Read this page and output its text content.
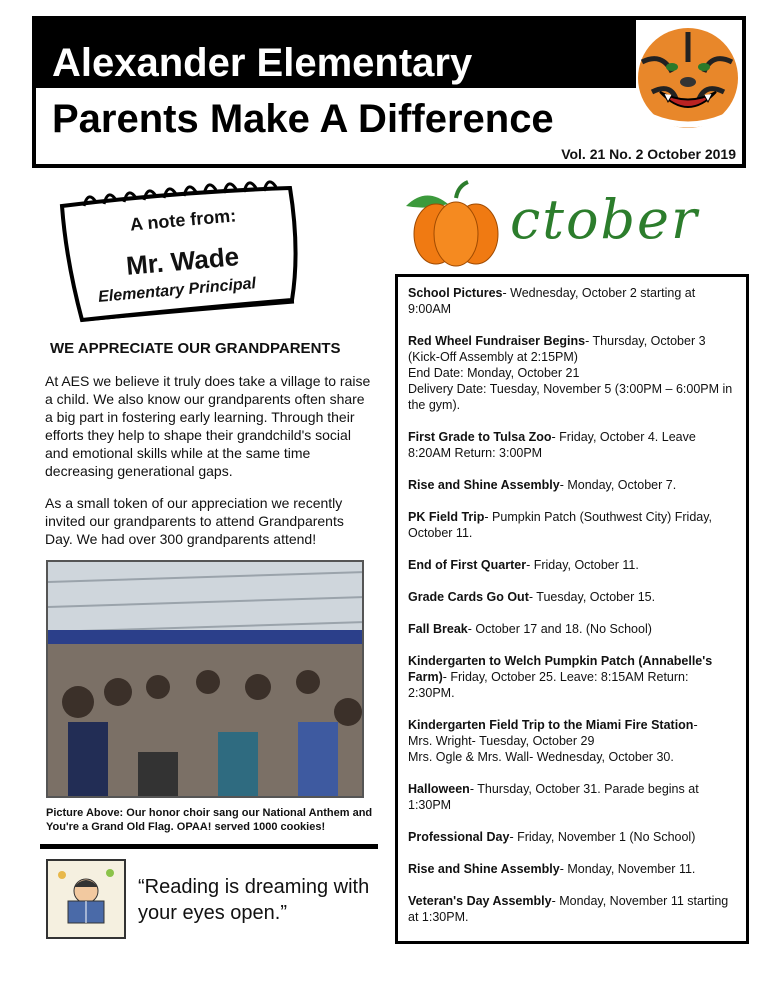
Alexander Elementary
Parents Make A Difference
Vol. 21 No. 2 October 2019
A note from:
Mr. Wade
Elementary Principal
WE APPRECIATE OUR GRANDPARENTS
At AES we believe it truly does take a village to raise a child. We also know our grandparents often share a big part in fostering early learning. Through their efforts they help to shape their grandchild's social and emotional skills while at the same time decreasing generational gaps.
As a small token of our appreciation we recently invited our grandparents to attend Grandparents Day. We had over 300 grandparents attend!
Picture Above: Our honor choir sang our National Anthem and You're a Grand Old Flag. OPAA! served 1000 cookies!
“Reading is dreaming with your eyes open.”
ctober
School Pictures- Wednesday, October 2 starting at 9:00AM
Red Wheel Fundraiser Begins- Thursday, October 3 (Kick-Off Assembly at 2:15PM)
End Date: Monday, October 21
Delivery Date: Tuesday, November 5 (3:00PM – 6:00PM in the gym).
First Grade to Tulsa Zoo- Friday, October 4. Leave 8:20AM Return: 3:00PM
Rise and Shine Assembly- Monday, October 7.
PK Field Trip- Pumpkin Patch (Southwest City) Friday, October 11.
End of First Quarter- Friday, October 11.
Grade Cards Go Out- Tuesday, October 15.
Fall Break- October 17 and 18. (No School)
Kindergarten to Welch Pumpkin Patch (Annabelle's Farm)- Friday, October 25. Leave: 8:15AM Return: 2:30PM.
Kindergarten Field Trip to the Miami Fire Station-
Mrs. Wright- Tuesday, October 29
Mrs. Ogle & Mrs. Wall- Wednesday, October 30.
Halloween- Thursday, October 31. Parade begins at 1:30PM
Professional Day- Friday, November 1 (No School)
Rise and Shine Assembly- Monday, November 11.
Veteran's Day Assembly- Monday, November 11 starting at 1:30PM.
